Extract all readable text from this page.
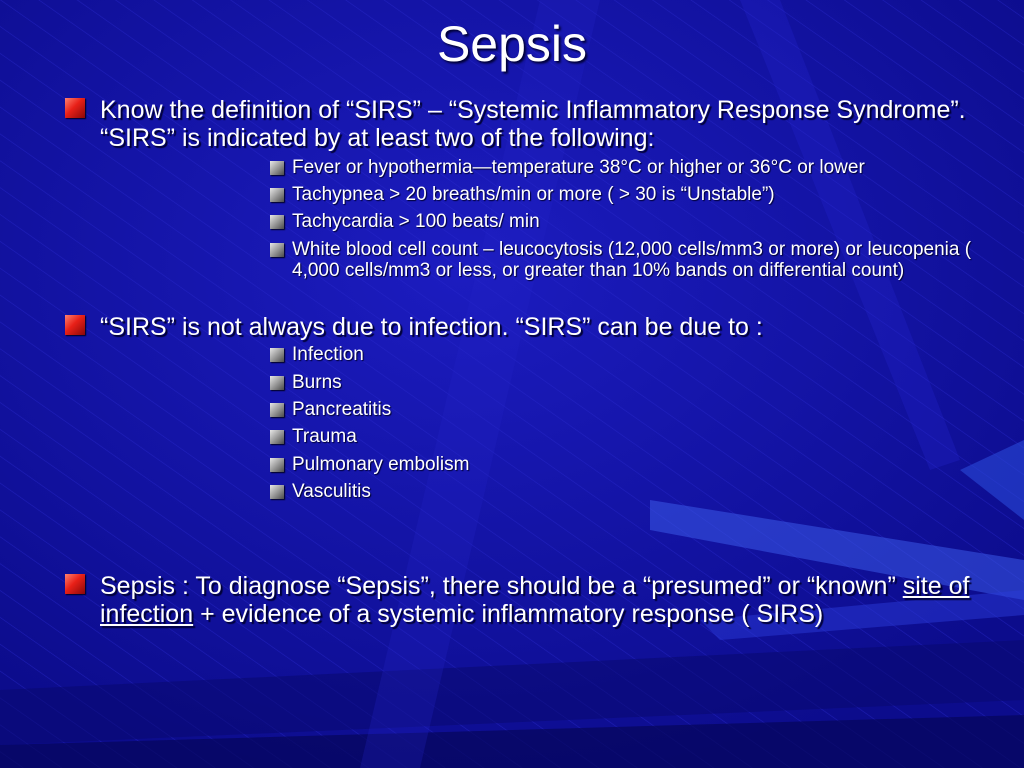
Sepsis
Know the definition of “SIRS” – “Systemic Inflammatory Response Syndrome”. “SIRS” is indicated by at least two of the following:
Fever or hypothermia—temperature 38°C or higher or 36°C or lower
Tachypnea > 20 breaths/min or more ( > 30 is “Unstable”)
Tachycardia > 100 beats/ min
White blood cell count – leucocytosis (12,000 cells/mm3 or more) or leucopenia ( 4,000 cells/mm3 or less, or greater than 10% bands on differential count)
“SIRS” is not always due to infection. “SIRS” can be due to :
Infection
Burns
Pancreatitis
Trauma
Pulmonary embolism
Vasculitis
Sepsis : To diagnose “Sepsis”, there should be a “presumed” or “known” site of infection + evidence of a systemic inflammatory response ( SIRS)
